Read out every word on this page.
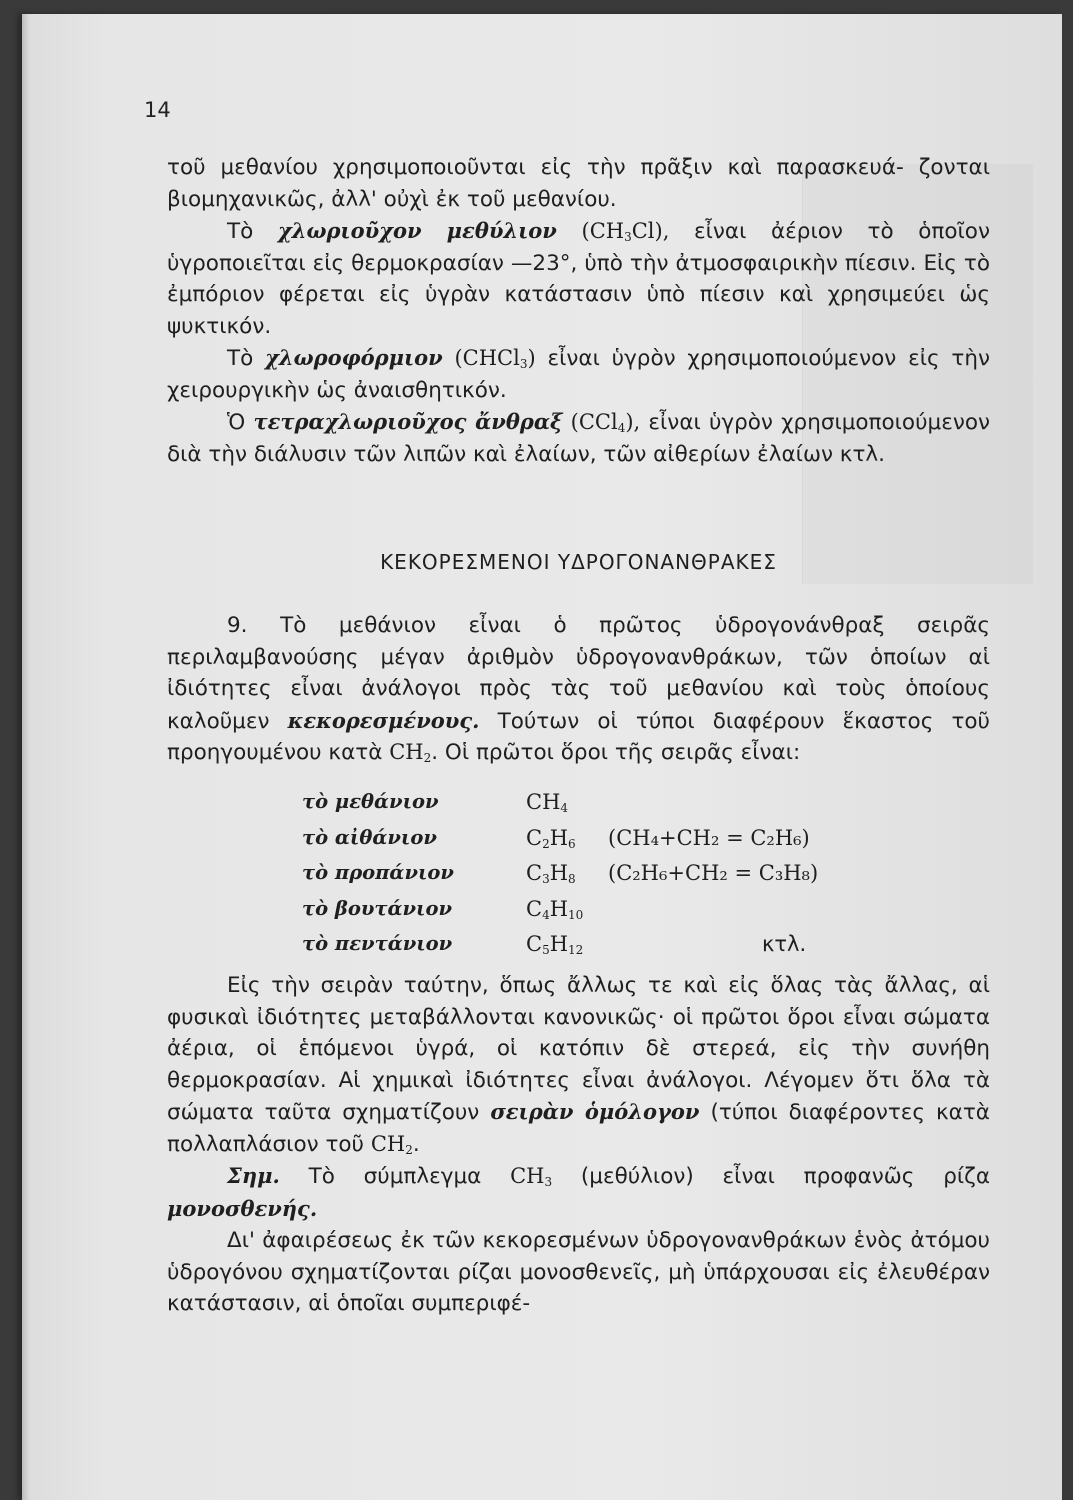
14

τοῦ μεθανίου χρησιμοποιοῦνται εἰς τὴν πρᾶξιν καὶ παρασκευά- ζονται βιομηχανικῶς, ἀλλ' οὐχὶ ἐκ τοῦ μεθανίου.

Τὸ χλωριοῦχον μεθύλιον $(CH_3Cl)$, εἶναι ἀέριον τὸ ὁποῖον ὑγροποιεῖται εἰς θερμοκρασίαν —23°, ὑπὸ τὴν ἀτμοσφαιρικὴν πίεσιν. Εἰς τὸ ἐμπόριον φέρεται εἰς ὑγρὰν κατάστασιν ὑπὸ πίεσιν καὶ χρησιμεύει ὡς ψυκτικόν.

Τὸ χλωροφόρμιον (CHCl$_3$) εἶναι ὑγρὸν χρησιμοποιούμενον εἰς τὴν χειρουργικὴν ὡς ἀναισθητικόν.

Ὁ τετραχλωριοῦχος ἄνθραξ (CCl$_4$), εἶναι ὑγρὸν χρησιμοποιούμενον διὰ τὴν διάλυσιν τῶν λιπῶν καὶ ἐλαίων, τῶν αἰθερίων ἐλαίων κτλ.

ΚΕΚΟΡΕΣΜΕΝΟΙ ΥΔΡΟΓΟΝΑΝΘΡΑΚΕΣ

9. Τὸ μεθάνιον εἶναι ὁ πρῶτος ὑδρογονάνθραξ σειρᾶς περιλαμβανούσης μέγαν ἀριθμὸν ὑδρογονανθράκων, τῶν ὁποίων αἱ ἰδιότητες εἶναι ἀνάλογοι πρὸς τὰς τοῦ μεθανίου καὶ τοὺς ὁποίους καλοῦμεν κεκορεσμένους. Τούτων οἱ τύποι διαφέρουν ἕκαστος τοῦ προηγουμένου κατὰ $CH_2$. Οἱ πρῶτοι ὅροι τῆς σειρᾶς εἶναι:

τὸ μεθάνιον	$CH_4$
τὸ αἰθάνιον	$C_2H_6$ (CH₄+CH₂ = C₂H₆)
τὸ προπάνιον	$C_3H_8$ (C₂H₆+CH₂ = C₃H₈)
τὸ βουτάνιον	$C_4H_{10}$
τὸ πεντάνιον	$C_5H_{12}$	κτλ.

Εἰς τὴν σειρὰν ταύτην, ὅπως ἄλλως τε καὶ εἰς ὅλας τὰς ἄλλας, αἱ φυσικαὶ ἰδιότητες μεταβάλλονται κανονικῶς· οἱ πρῶτοι ὅροι εἶναι σώματα ἀέρια, οἱ ἑπόμενοι ὑγρά, οἱ κατόπιν δὲ στερεά, εἰς τὴν συνήθη θερμοκρασίαν. Αἱ χημικαὶ ἰδιότητες εἶναι ἀνάλογοι. Λέγομεν ὅτι ὅλα τὰ σώματα ταῦτα σχηματίζουν σειρὰν ὁμόλογον (τύποι διαφέροντες κατὰ πολλαπλάσιον τοῦ $CH_2$.

Σημ. Τὸ σύμπλεγμα $CH_3$ (μεθύλιον) εἶναι προφανῶς ρίζα μονοσθενής.

Δι' ἀφαιρέσεως ἐκ τῶν κεκορεσμένων ὑδρογονανθράκων ἑνὸς ἀτόμου ὑδρογόνου σχηματίζονται ρίζαι μονοσθενεῖς, μὴ ὑπάρχουσαι εἰς ἐλευθέραν κατάστασιν, αἱ ὁποῖαι συμπεριφέ-
